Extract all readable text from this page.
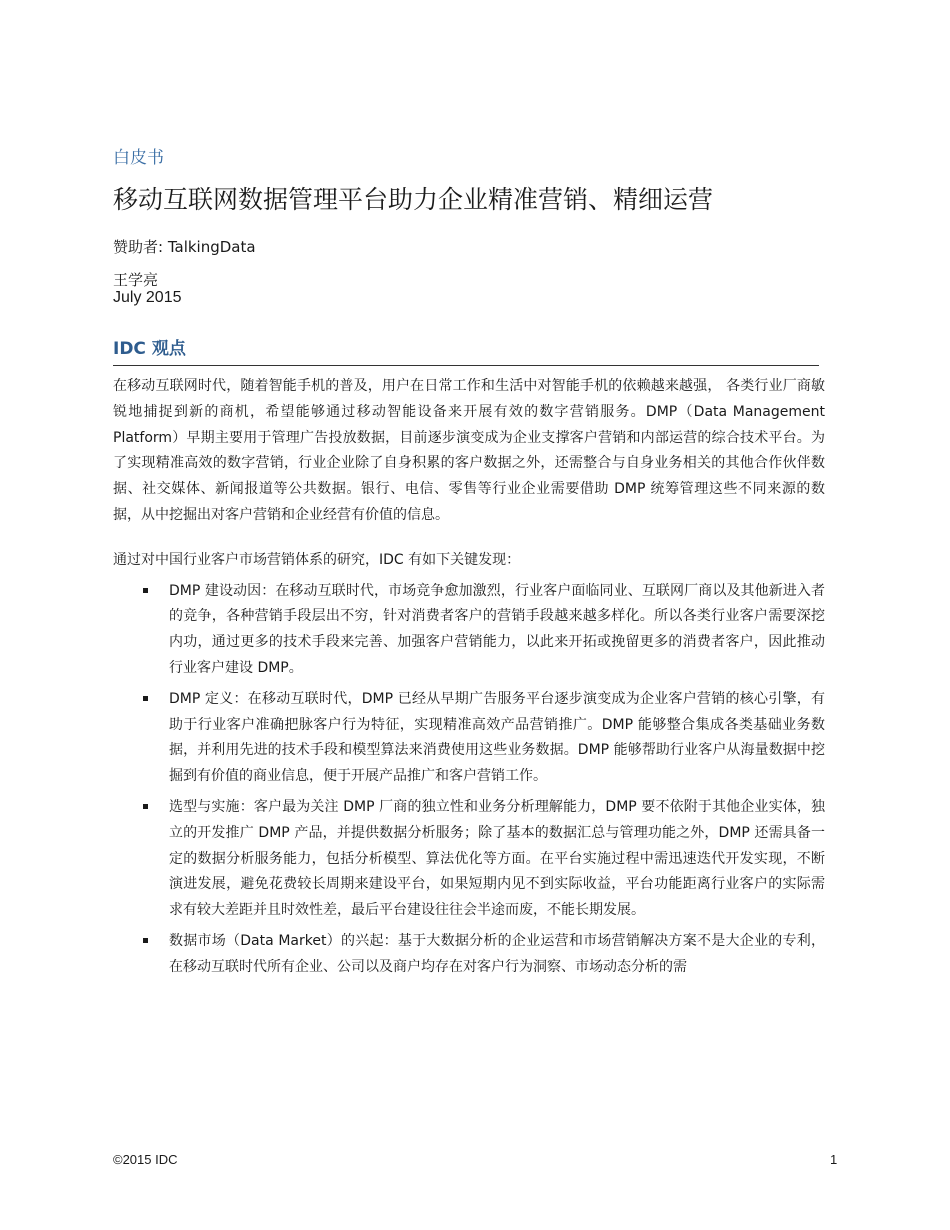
白皮书
移动互联网数据管理平台助力企业精准营销、精细运营
赞助者: TalkingData
王学亮
July 2015
IDC 观点

在移动互联网时代，随着智能手机的普及，用户在日常工作和生活中对智能手机的依赖越来越强， 各类行业厂商敏锐地捕捉到新的商机，希望能够通过移动智能设备来开展有效的数字营销服务。DMP（Data Management Platform）早期主要用于管理广告投放数据，目前逐步演变成为企业支撑客户营销和内部运营的综合技术平台。为了实现精准高效的数字营销，行业企业除了自身积累的客户数据之外，还需整合与自身业务相关的其他合作伙伴数据、社交媒体、新闻报道等公共数据。银行、电信、零售等行业企业需要借助 DMP 统筹管理这些不同来源的数据，从中挖掘出对客户营销和企业经营有价值的信息。

通过对中国行业客户市场营销体系的研究，IDC 有如下关键发现：

DMP 建设动因：在移动互联时代，市场竞争愈加激烈，行业客户面临同业、互联网厂商以及其他新进入者的竞争，各种营销手段层出不穷，针对消费者客户的营销手段越来越多样化。所以各类行业客户需要深挖内功，通过更多的技术手段来完善、加强客户营销能力，以此来开拓或挽留更多的消费者客户，因此推动行业客户建设 DMP。
DMP 定义：在移动互联时代，DMP 已经从早期广告服务平台逐步演变成为企业客户营销的核心引擎，有助于行业客户准确把脉客户行为特征，实现精准高效产品营销推广。DMP 能够整合集成各类基础业务数据，并利用先进的技术手段和模型算法来消费使用这些业务数据。DMP 能够帮助行业客户从海量数据中挖掘到有价值的商业信息，便于开展产品推广和客户营销工作。
选型与实施：客户最为关注 DMP 厂商的独立性和业务分析理解能力，DMP 要不依附于其他企业实体，独立的开发推广 DMP 产品，并提供数据分析服务；除了基本的数据汇总与管理功能之外，DMP 还需具备一定的数据分析服务能力，包括分析模型、算法优化等方面。在平台实施过程中需迅速迭代开发实现，不断演进发展，避免花费较长周期来建设平台，如果短期内见不到实际收益，平台功能距离行业客户的实际需求有较大差距并且时效性差，最后平台建设往往会半途而废，不能长期发展。
数据市场（Data Market）的兴起：基于大数据分析的企业运营和市场营销解决方案不是大企业的专利，在移动互联时代所有企业、公司以及商户均存在对客户行为洞察、市场动态分析的需
©2015 IDC	1
